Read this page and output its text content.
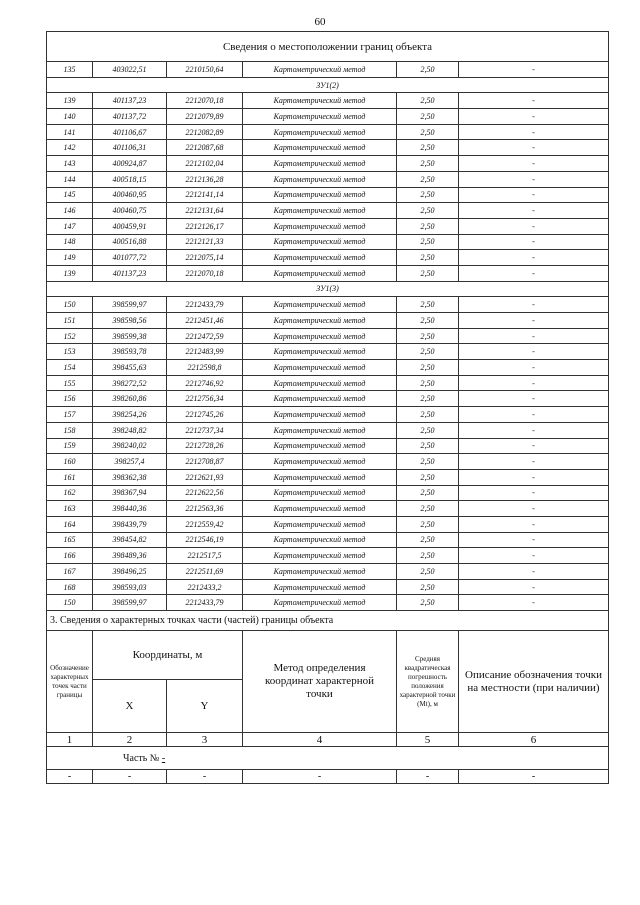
60
Сведения о местоположении границ объекта					
135	403022,51	2210150,64	Картометрический метод	2,50	-
ЗУ1(2)					
139	401137,23	2212070,18	Картометрический метод	2,50	-
140	401137,72	2212079,89	Картометрический метод	2,50	-
141	401106,67	2212082,89	Картометрический метод	2,50	-
142	401106,31	2212087,68	Картометрический метод	2,50	-
143	400924,87	2212102,04	Картометрический метод	2,50	-
144	400518,15	2212136,28	Картометрический метод	2,50	-
145	400460,95	2212141,14	Картометрический метод	2,50	-
146	400460,75	2212131,64	Картометрический метод	2,50	-
147	400459,91	2212126,17	Картометрический метод	2,50	-
148	400516,88	2212121,33	Картометрический метод	2,50	-
149	401077,72	2212075,14	Картометрический метод	2,50	-
139	401137,23	2212070,18	Картометрический метод	2,50	-
ЗУ1(3)					
150	398599,97	2212433,79	Картометрический метод	2,50	-
151	398598,56	2212451,46	Картометрический метод	2,50	-
152	398599,38	2212472,59	Картометрический метод	2,50	-
153	398593,78	2212483,99	Картометрический метод	2,50	-
154	398455,63	2212598,8	Картометрический метод	2,50	-
155	398272,52	2212746,92	Картометрический метод	2,50	-
156	398260,86	2212756,34	Картометрический метод	2,50	-
157	398254,26	2212745,26	Картометрический метод	2,50	-
158	398248,82	2212737,34	Картометрический метод	2,50	-
159	398240,02	2212728,26	Картометрический метод	2,50	-
160	398257,4	2212708,87	Картометрический метод	2,50	-
161	398362,38	2212621,93	Картометрический метод	2,50	-
162	398367,94	2212622,56	Картометрический метод	2,50	-
163	398440,36	2212563,36	Картометрический метод	2,50	-
164	398439,79	2212559,42	Картометрический метод	2,50	-
165	398454,82	2212546,19	Картометрический метод	2,50	-
166	398489,36	2212517,5	Картометрический метод	2,50	-
167	398496,25	2212511,69	Картометрический метод	2,50	-
168	398593,03	2212433,2	Картометрический метод	2,50	-
150	398599,97	2212433,79	Картометрический метод	2,50	-
3. Сведения о характерных точках части (частей) границы объекта					
Обозначение характерных точек части границы	Координаты, м		Метод определения координат характерной точки	Средняя квадратическая погрешность положения характерной точки (Mt), м	Описание обозначения точки на местности (при наличии)
	X	Y			
1	2	3	4	5	6
Часть № -					
-	-	-	-	-	-
